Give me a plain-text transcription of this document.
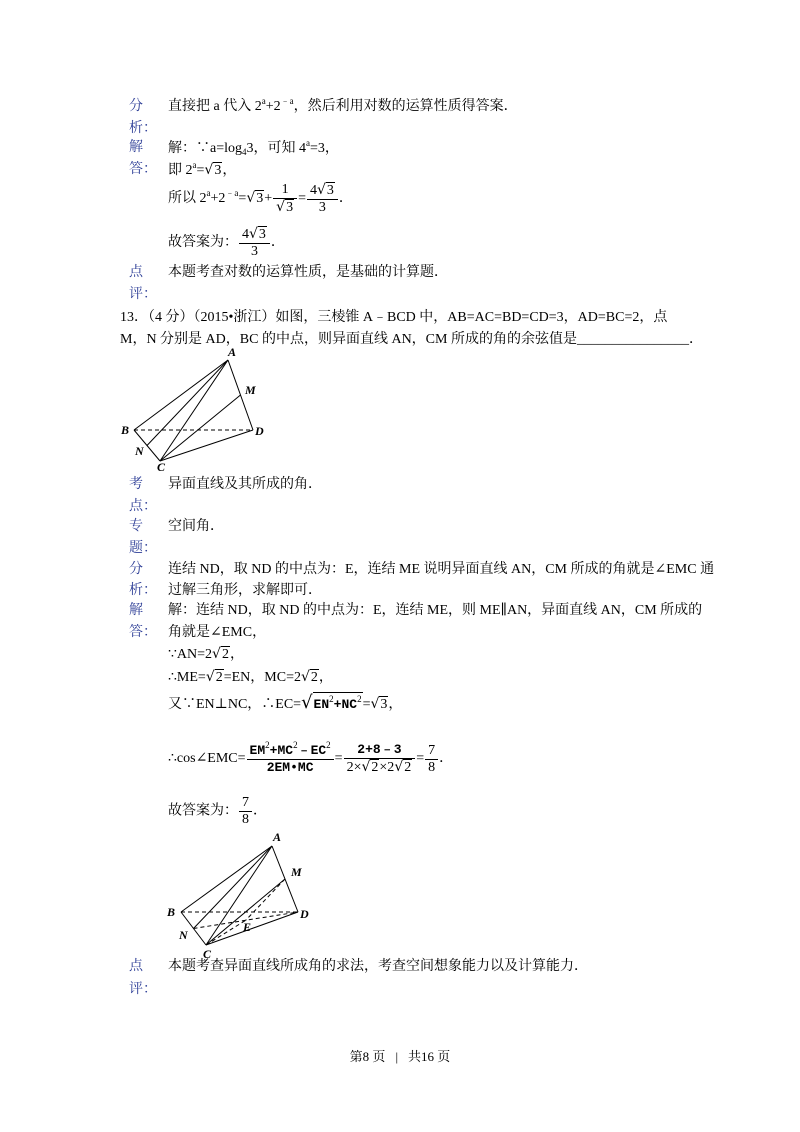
分
析：
直接把 a 代入 $2^a+2^{﹣a}$，然后利用对数的运算性质得答案．
解
答：
解：$\because a=\log_43$，可知 $4^a=3$，
即 $2^a=√3$，
所以 $2^a+2^{﹣a}=√3+ \frac{1}{√3} = \frac{4√3}{3}$ ．
故答案为： $\frac{4√3}{3}$ ．
点
评：
本题考查对数的运算性质，是基础的计算题．
13．（4 分）（2015•浙江）如图，三棱锥 A﹣BCD 中，AB=AC=BD=CD=3，AD=BC=2，点
M，N 分别是 AD，BC 的中点，则异面直线 AN，CM 所成的角的余弦值是________________．
A
M
B	D
N
C
考
点：
异面直线及其所成的角．
专
题：
空间角．
分
析：
连结 ND，取 ND 的中点为：E，连结 ME 说明异面直线 AN，CM 所成的角就是∠EMC 通
过解三角形，求解即可．
解
答：
解：连结 ND，取 ND 的中点为：E，连结 ME，则 ME∥AN，异面直线 AN，CM 所成的
角就是∠EMC，
∵AN=2√2，
∴ME=√2=EN，MC=2√2，
又∵EN⊥NC，$\therefore EC=√EN^2+NC^2=√3$，
∴cos∠EMC= $\frac{EM^2+MC^2﹣EC^2}{2EM•MC} = \frac{2+8﹣3}{2\times√2\times 2√2} = \frac{7}{8}$ ．
故答案为： $\frac{7}{8}$ ．
A
M
B	D
N
E
C
点
评：
本题考查异面直线所成角的求法，考查空间想象能力以及计算能力．
第8 页 | 共16 页
